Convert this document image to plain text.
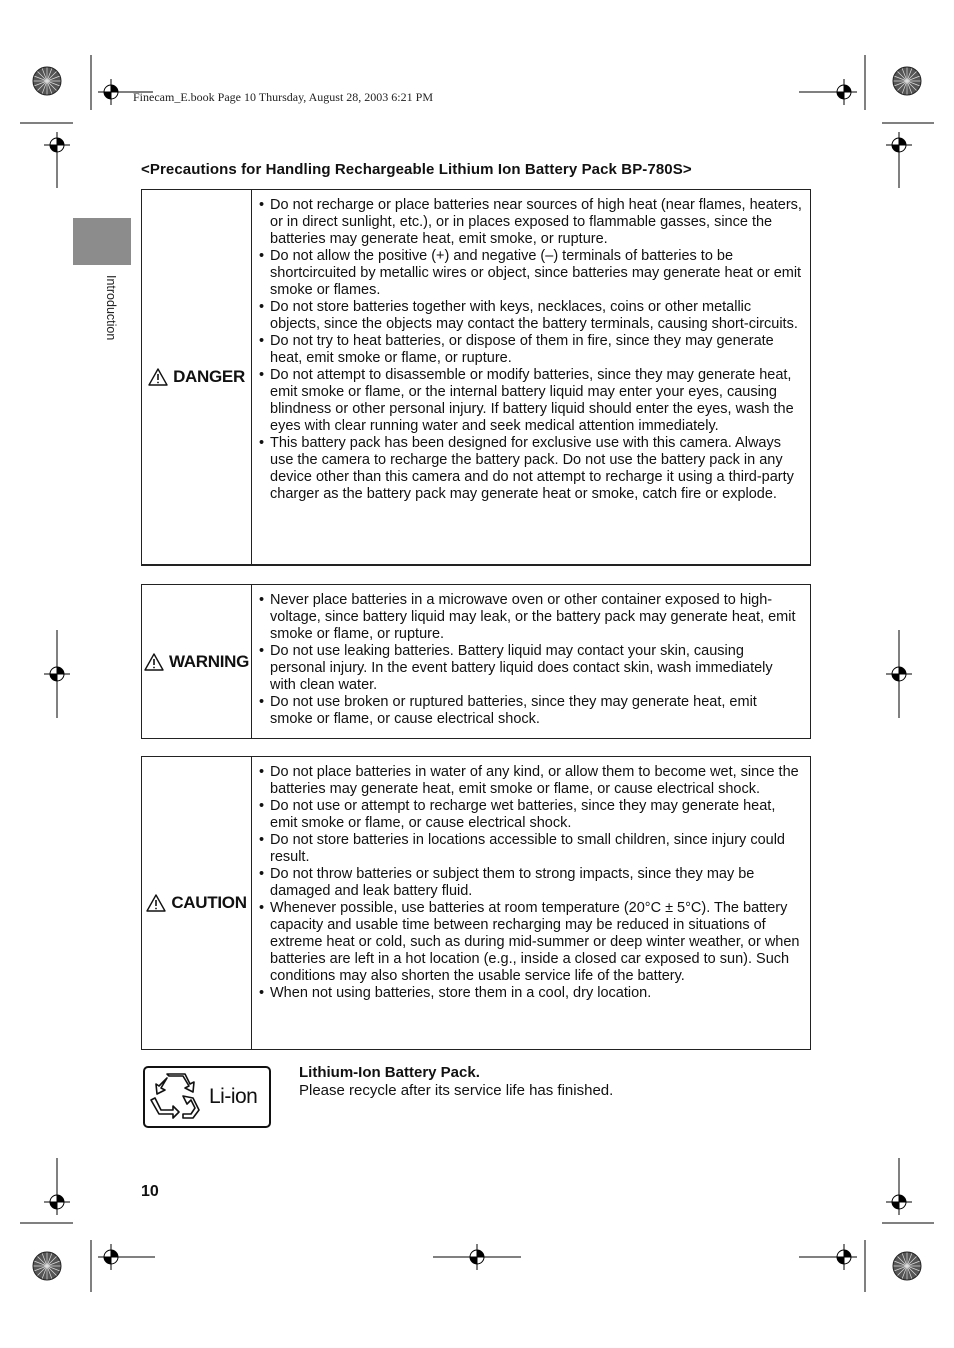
Finecam_E.book Page 10 Thursday, August 28, 2003 6:21 PM
<Precautions for Handling Rechargeable Lithium Ion Battery Pack BP-780S>
Introduction
DANGER
• Do not recharge or place batteries near sources of high heat (near flames, heaters, or in direct sunlight, etc.), or in places exposed to flammable gasses, since the batteries may generate heat, emit smoke, or rupture.
• Do not allow the positive (+) and negative (–) terminals of batteries to be shortcircuited by metallic wires or object, since batteries may generate heat or emit smoke or flames.
• Do not store batteries together with keys, necklaces, coins or other metallic objects, since the objects may contact the battery terminals, causing short-circuits.
• Do not try to heat batteries, or dispose of them in fire, since they may generate heat, emit smoke or flame, or rupture.
• Do not attempt to disassemble or modify batteries, since they may generate heat, emit smoke or flame, or the internal battery liquid may enter your eyes, causing blindness or other personal injury. If battery liquid should enter the eyes, wash the eyes with clear running water and seek medical attention immediately.
• This battery pack has been designed for exclusive use with this camera. Always use the camera to recharge the battery pack. Do not use the battery pack in any device other than this camera and do not attempt to recharge it using a third-party charger as the battery pack may generate heat or smoke, catch fire or explode.
WARNING
• Never place batteries in a microwave oven or other container exposed to high-voltage, since battery liquid may leak, or the battery pack may generate heat, emit smoke or flame, or rupture.
• Do not use leaking batteries. Battery liquid may contact your skin, causing personal injury. In the event battery liquid does contact skin, wash immediately with clean water.
• Do not use broken or ruptured batteries, since they may generate heat, emit smoke or flame, or cause electrical shock.
CAUTION
• Do not place batteries in water of any kind, or allow them to become wet, since the batteries may generate heat, emit smoke or flame, or cause electrical shock.
• Do not use or attempt to recharge wet batteries, since they may generate heat, emit smoke or flame, or cause electrical shock.
• Do not store batteries in locations accessible to small children, since injury could result.
• Do not throw batteries or subject them to strong impacts, since they may be damaged and leak battery fluid.
• Whenever possible, use batteries at room temperature (20°C ± 5°C). The battery capacity and usable time between recharging may be reduced in situations of extreme heat or cold, such as during mid-summer or deep winter weather, or when batteries are left in a hot location (e.g., inside a closed car exposed to sun). Such conditions may also shorten the usable service life of the battery.
• When not using batteries, store them in a cool, dry location.
Li-ion
Lithium-Ion Battery Pack.
Please recycle after its service life has finished.
10
